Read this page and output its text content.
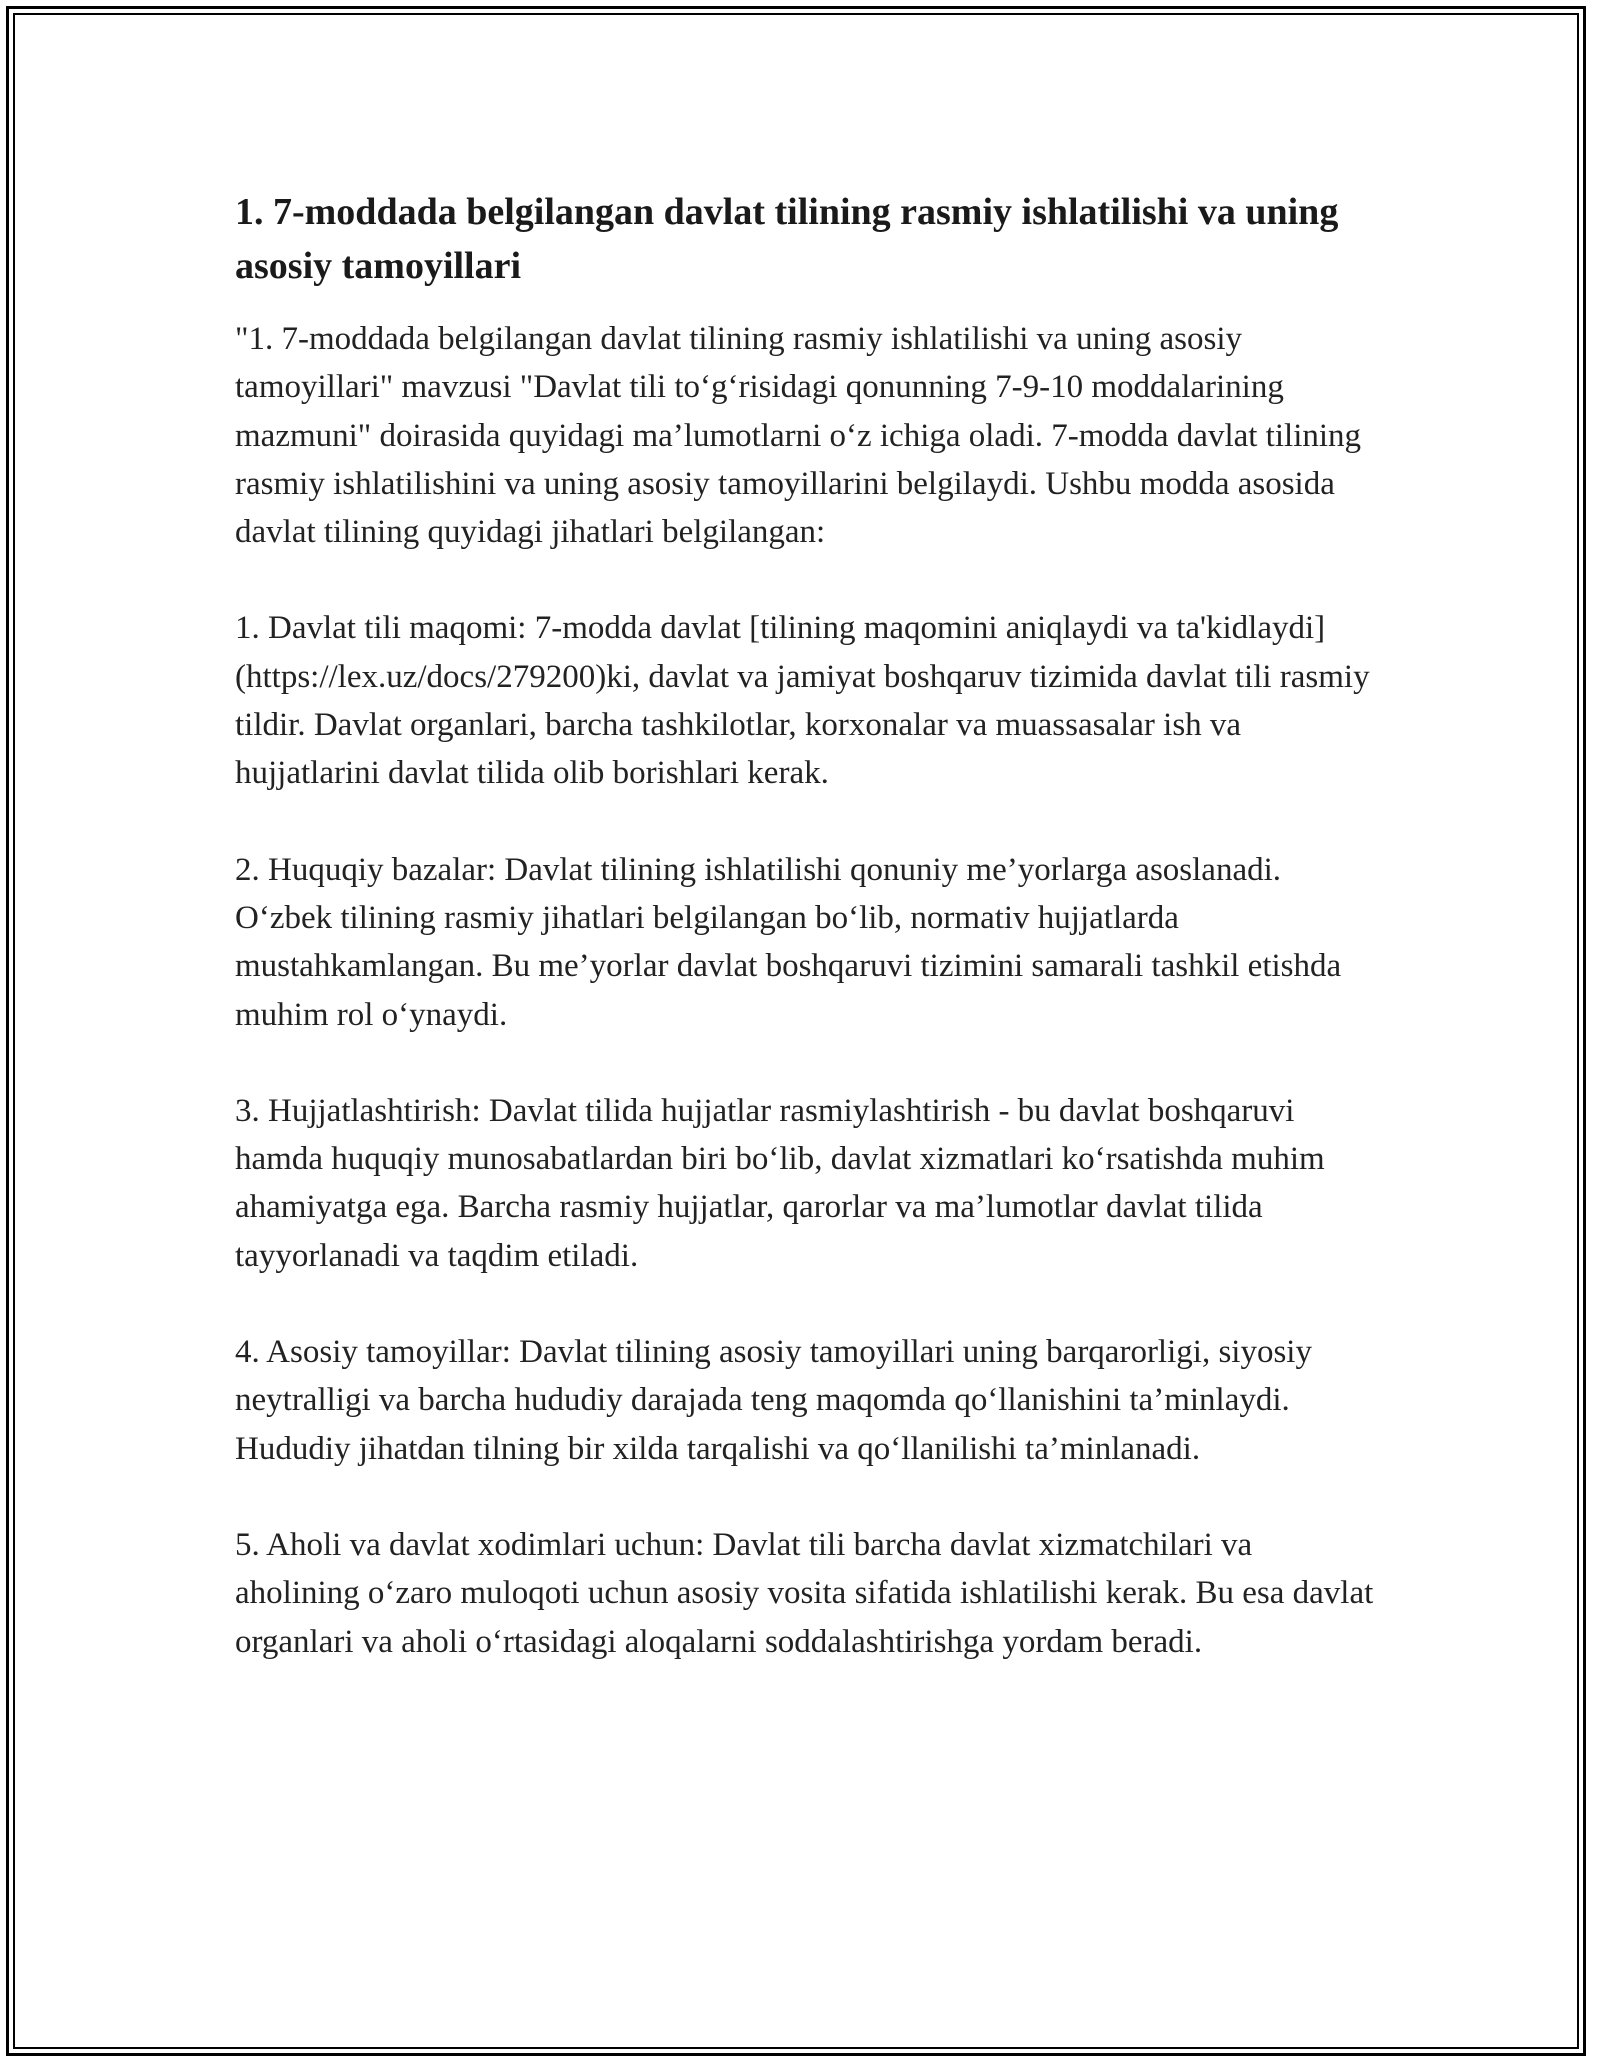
1. 7-moddada belgilangan davlat tilining rasmiy ishlatilishi va uning asosiy tamoyillari

"1. 7-moddada belgilangan davlat tilining rasmiy ishlatilishi va uning asosiy tamoyillari" mavzusi "Davlat tili to‘g‘risidagi qonunning 7-9-10 moddalarining mazmuni" doirasida quyidagi ma’lumotlarni o‘z ichiga oladi. 7-modda davlat tilining rasmiy ishlatilishini va uning asosiy tamoyillarini belgilaydi. Ushbu modda asosida davlat tilining quyidagi jihatlari belgilangan:

1. Davlat tili maqomi: 7-modda davlat [tilining maqomini aniqlaydi va ta'kidlaydi](https://lex.uz/docs/279200)ki, davlat va jamiyat boshqaruv tizimida davlat tili rasmiy tildir. Davlat organlari, barcha tashkilotlar, korxonalar va muassasalar ish va hujjatlarini davlat tilida olib borishlari kerak.

2. Huquqiy bazalar: Davlat tilining ishlatilishi qonuniy me’yorlarga asoslanadi. O‘zbek tilining rasmiy jihatlari belgilangan bo‘lib, normativ hujjatlarda mustahkamlangan. Bu me’yorlar davlat boshqaruvi tizimini samarali tashkil etishda muhim rol o‘ynaydi.

3. Hujjatlashtirish: Davlat tilida hujjatlar rasmiylashtirish - bu davlat boshqaruvi hamda huquqiy munosabatlardan biri bo‘lib, davlat xizmatlari ko‘rsatishda muhim ahamiyatga ega. Barcha rasmiy hujjatlar, qarorlar va ma’lumotlar davlat tilida tayyorlanadi va taqdim etiladi.

4. Asosiy tamoyillar: Davlat tilining asosiy tamoyillari uning barqarorligi, siyosiy neytralligi va barcha hududiy darajada teng maqomda qo‘llanishini ta’minlaydi. Hududiy jihatdan tilning bir xilda tarqalishi va qo‘llanilishi ta’minlanadi.

5. Aholi va davlat xodimlari uchun: Davlat tili barcha davlat xizmatchilari va aholining o‘zaro muloqoti uchun asosiy vosita sifatida ishlatilishi kerak. Bu esa davlat organlari va aholi o‘rtasidagi aloqalarni soddalashtirishga yordam beradi.
